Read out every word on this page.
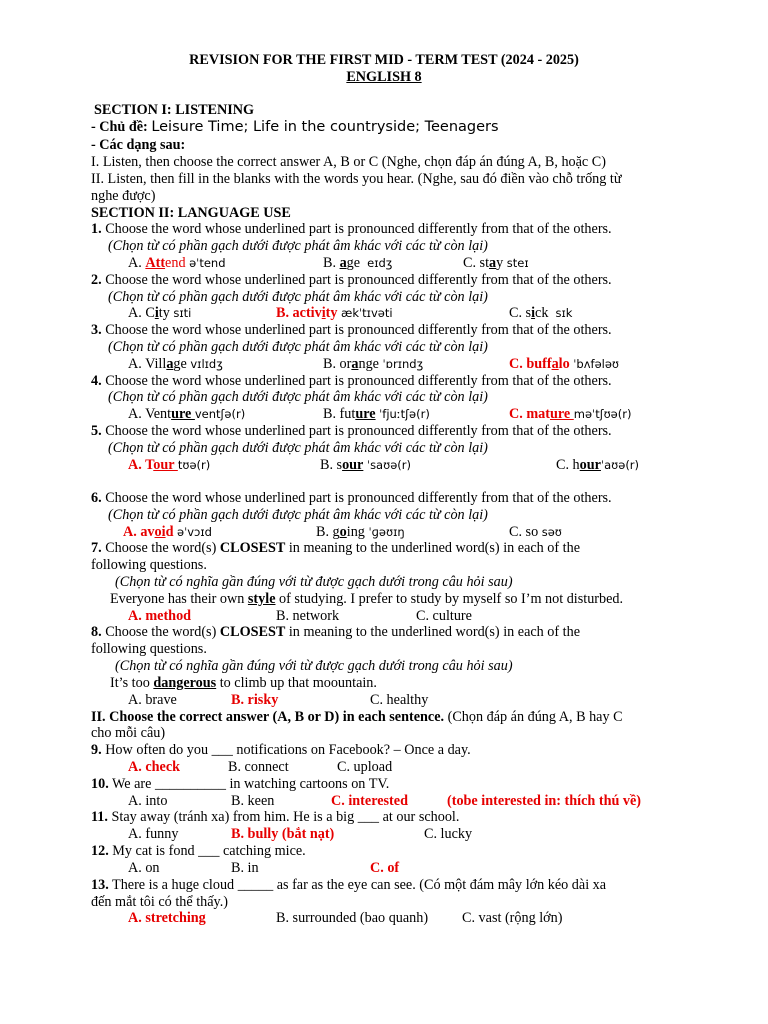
REVISION FOR THE FIRST MID - TERM TEST (2024 - 2025)
ENGLISH 8
SECTION I: LISTENING
- Chủ đề: Leisure Time; Life in the countryside; Teenagers
- Các dạng sau:
I. Listen, then choose the correct answer A, B or C (Nghe, chọn đáp án đúng A, B, hoặc C)
II. Listen, then fill in the blanks with the words you hear. (Nghe, sau đó điền vào chỗ trống từ
nghe được)
SECTION II: LANGUAGE USE
1. Choose the word whose underlined part is pronounced differently from that of the others.
(Chọn từ có phần gạch dưới được phát âm khác với các từ còn lại)
A. Attend əˈtend	B. age eɪdʒ	C. stay steɪ
2. Choose the word whose underlined part is pronounced differently from that of the others.
(Chọn từ có phần gạch dưới được phát âm khác với các từ còn lại)
A. City sɪti	B. activity ækˈtɪvəti	C. sick sɪk
3. Choose the word whose underlined part is pronounced differently from that of the others.
(Chọn từ có phần gạch dưới được phát âm khác với các từ còn lại)
A. Village vɪlɪdʒ	B. orange ˈɒrɪndʒ	C. buffalo ˈbʌfələʊ
4. Choose the word whose underlined part is pronounced differently from that of the others.
(Chọn từ có phần gạch dưới được phát âm khác với các từ còn lại)
A. Venture ventʃə(r)	B. future ˈfjuːtʃə(r)	C. mature məˈtʃʊə(r)
5. Choose the word whose underlined part is pronounced differently from that of the others.
(Chọn từ có phần gạch dưới được phát âm khác với các từ còn lại)
A. Tour tʊə(r)	B. sour ˈsaʊə(r)	C. hourˈaʊə(r)
6. Choose the word whose underlined part is pronounced differently from that of the others.
(Chọn từ có phần gạch dưới được phát âm khác với các từ còn lại)
A. avoid əˈvɔɪd	B. going ˈɡəʊɪŋ	C. so səʊ
7. Choose the word(s) CLOSEST in meaning to the underlined word(s) in each of the
following questions.
(Chọn từ có nghĩa gần đúng với từ được gạch dưới trong câu hỏi sau)
Everyone has their own style of studying. I prefer to study by myself so I’m not disturbed.
A. method	B. network	C. culture
8. Choose the word(s) CLOSEST in meaning to the underlined word(s) in each of the
following questions.
(Chọn từ có nghĩa gần đúng với từ được gạch dưới trong câu hỏi sau)
It’s too dangerous to climb up that moountain.
A. brave	B. risky	C. healthy
II. Choose the correct answer (A, B or D) in each sentence. (Chọn đáp án đúng A, B hay C
cho mỗi câu)
9. How often do you ___ notifications on Facebook? – Once a day.
A. check	B. connect	C. upload
10. We are __________ in watching cartoons on TV.
A. into	B. keen	C. interested	(tobe interested in: thích thú về)
11. Stay away (tránh xa) from him. He is a big ___ at our school.
A. funny	B. bully (bắt nạt)	C. lucky
12. My cat is fond ___ catching mice.
A. on	B. in	C. of
13. There is a huge cloud _____ as far as the eye can see. (Có một đám mây lớn kéo dài xa
đến mắt tôi có thể thấy.)
A. stretching	B. surrounded (bao quanh) C. vast (rộng lớn)
